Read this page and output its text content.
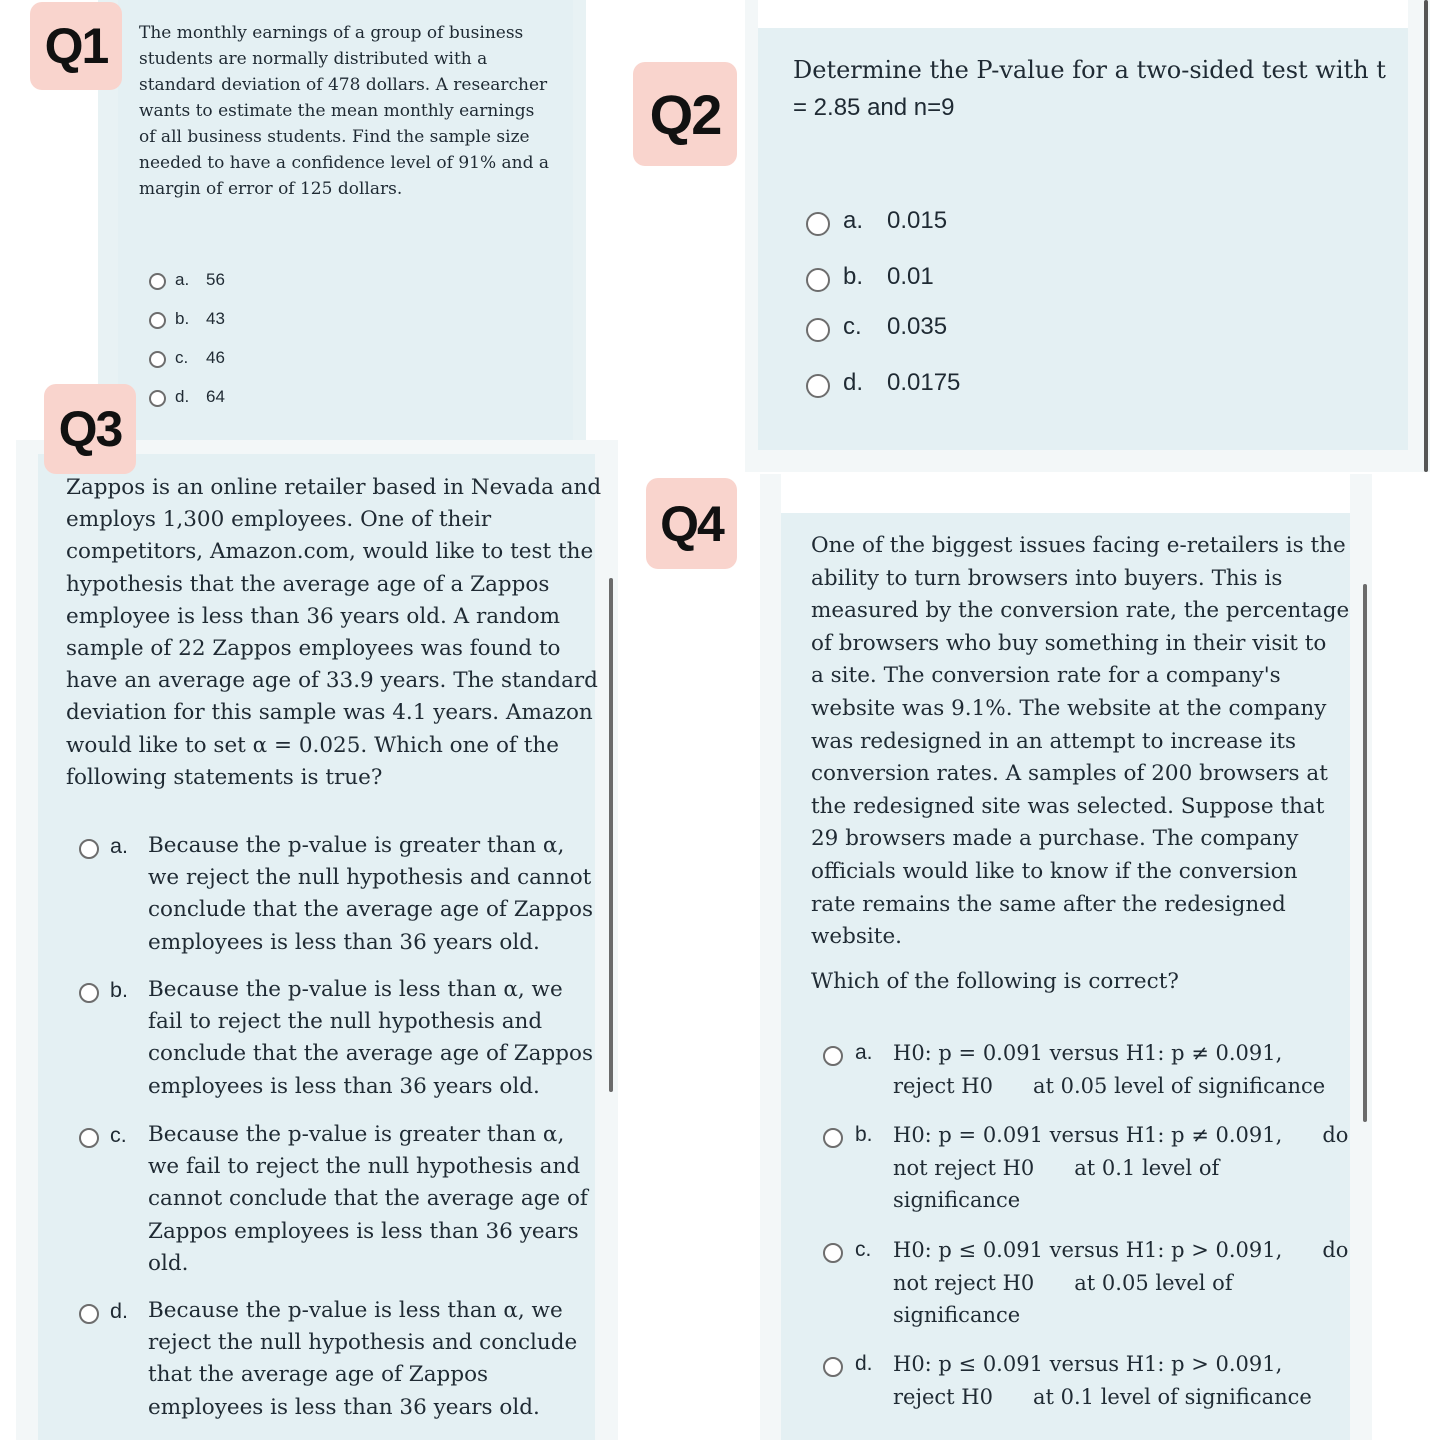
Q1	The monthly earnings of a group of business
students are normally distributed with a
standard deviation of 478 dollars. A researcher
wants to estimate the mean monthly earnings
of all business students. Find the sample size
needed to have a confidence level of 91% and a
margin of error of 125 dollars.
a. 56
b. 43
c.	46
d. 64
Q2
Determine the P-value for a two-sided test with t
= 2.85 and n=9
a. 0.015
b. 0.01
c.	0.035
d. 0.0175
Q3
Zappos is an online retailer based in Nevada and
employs 1,300 employees. One of their
competitors, Amazon.com, would like to test the
hypothesis that the average age of a Zappos
employee is less than 36 years old. A random
sample of 22 Zappos employees was found to
have an average age of 33.9 years. The standard
deviation for this sample was 4.1 years. Amazon
would like to set α = 0.025. Which one of the
following statements is true?
a. Because the p-value is greater than α,
we reject the null hypothesis and cannot
conclude that the average age of Zappos
employees is less than 36 years old.
b. Because the p-value is less than α, we
fail to reject the null hypothesis and
conclude that the average age of Zappos
employees is less than 36 years old.
c. Because the p-value is greater than α,
we fail to reject the null hypothesis and
cannot conclude that the average age of
Zappos employees is less than 36 years
old.
d. Because the p-value is less than α, we
reject the null hypothesis and conclude
that the average age of Zappos
employees is less than 36 years old.
Q4	One of the biggest issues facing e-retailers is the
ability to turn browsers into buyers. This is
measured by the conversion rate, the percentage
of browsers who buy something in their visit to
a site. The conversion rate for a company's
website was 9.1%. The website at the company
was redesigned in an attempt to increase its
conversion rates. A samples of 200 browsers at
the redesigned site was selected. Suppose that
29 browsers made a purchase. The company
officials would like to know if the conversion
rate remains the same after the redesigned
website.
Which of the following is correct?
a. H0: p = 0.091 versus H1: p ≠ 0.091,
reject H0      at 0.05 level of significance
b. H0: p = 0.091 versus H1: p ≠ 0.091,      do
not reject H0      at 0.1 level of
significance
c.	H0: p ≤ 0.091 versus H1: p > 0.091,      do
not reject H0      at 0.05 level of
significance
d. H0: p ≤ 0.091 versus H1: p > 0.091,
reject H0      at 0.1 level of significance
